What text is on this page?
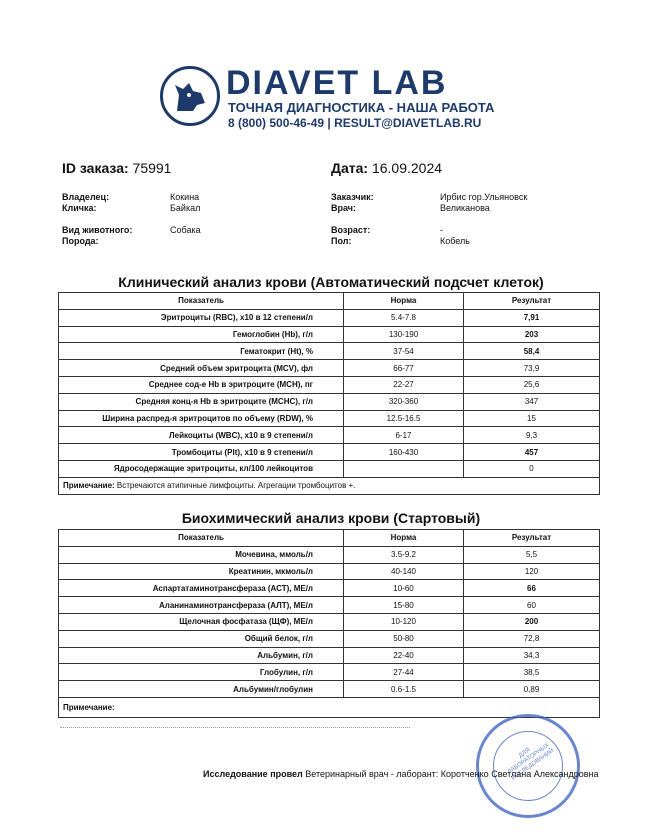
DIAVET LAB
ТОЧНАЯ ДИАГНОСТИКА - НАША РАБОТА
8 (800) 500-46-49 | RESULT@DIAVETLAB.RU
ID заказа: 75991	Дата: 16.09.2024
Владелец:	Кокина
Кличка:	Байкал
Вид животного:	Собака
Порода:
Заказчик:	Ирбис гор.Ульяновск
Врач:	Великанова
Возраст:	-
Пол:	Кобель
Клинический анализ крови (Автоматический подсчет клеток)
Показатель	Норма	Результат
Эритроциты (RBC), х10 в 12 степени/л	5.4-7.8	7,91
Гемоглобин (Hb), г/л	130-190	203
Гематокрит (Ht), %	37-54	58,4
Средний объем эритроцита (MCV), фл	66-77	73,9
Среднее сод-е Hb в эритроците (MCH), пг	22-27	25,6
Средняя конц-я Hb в эритроците (MCHC), г/л	320-360	347
Ширина распред-я эритроцитов по объему (RDW), %	12.5-16.5	15
Лейкоциты (WBC), х10 в 9 степени/л	6-17	9,3
Тромбоциты (Plt), х10 в 9 степени/л	160-430	457
Ядросодержащие эритроциты, кл/100 лейкоцитов		0
Примечание: Встречаются атипичные лимфоциты. Агрегации тромбоцитов +.		
Биохимический анализ крови (Стартовый)
Показатель	Норма	Результат
Мочевина, ммоль/л	3.5-9.2	5,5
Креатинин, мкмоль/л	40-140	120
Аспартатаминотрансфераза (АСТ), МЕ/л	10-60	66
Аланинаминотрансфераза (АЛТ), МЕ/л	15-80	60
Щелочная фосфатаза (ЩФ), МЕ/л	10-120	200
Общий белок, г/л	50-80	72,8
Альбумин, г/л	22-40	34,3
Глобулин, г/л	27-44	38,5
Альбумин/глобулин	0.6-1.5	0,89
Примечание:		
ДЛЯ ЛАБОРАТОРНЫХ ИССЛЕДОВАНИЙ
Исследование провел Ветеринарный врач - лаборант: Коротченко Светлана Александровна
